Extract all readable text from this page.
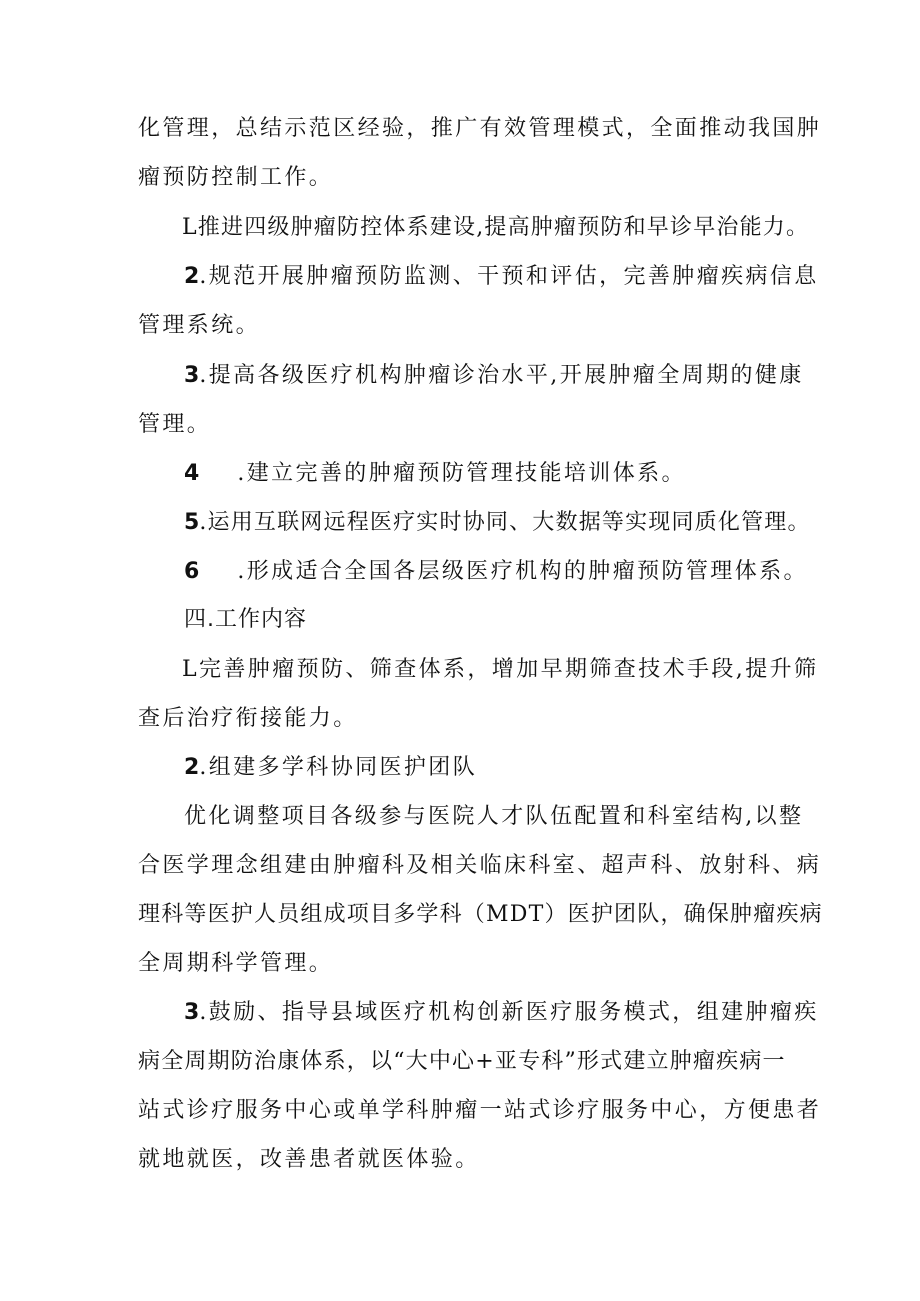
化管理，总结示范区经验，推广有效管理模式，全面推动我国肿
瘤预防控制工作。
L推进四级肿瘤防控体系建设,提高肿瘤预防和早诊早治能力。
2.规范开展肿瘤预防监测、干预和评估，完善肿瘤疾病信息
管理系统。
3.提高各级医疗机构肿瘤诊治水平,开展肿瘤全周期的健康
管理。
4 .建立完善的肿瘤预防管理技能培训体系。
5.运用互联网远程医疗实时协同、大数据等实现同质化管理。
6 .形成适合全国各层级医疗机构的肿瘤预防管理体系。
四.工作内容
L完善肿瘤预防、筛查体系，增加早期筛查技术手段,提升筛
查后治疗衔接能力。
2.组建多学科协同医护团队
优化调整项目各级参与医院人才队伍配置和科室结构,以整
合医学理念组建由肿瘤科及相关临床科室、超声科、放射科、病
理科等医护人员组成项目多学科（MDT）医护团队，确保肿瘤疾病
全周期科学管理。
3.鼓励、指导县域医疗机构创新医疗服务模式，组建肿瘤疾
病全周期防治康体系，以“大中心+亚专科”形式建立肿瘤疾病一
站式诊疗服务中心或单学科肿瘤一站式诊疗服务中心，方便患者
就地就医，改善患者就医体验。
